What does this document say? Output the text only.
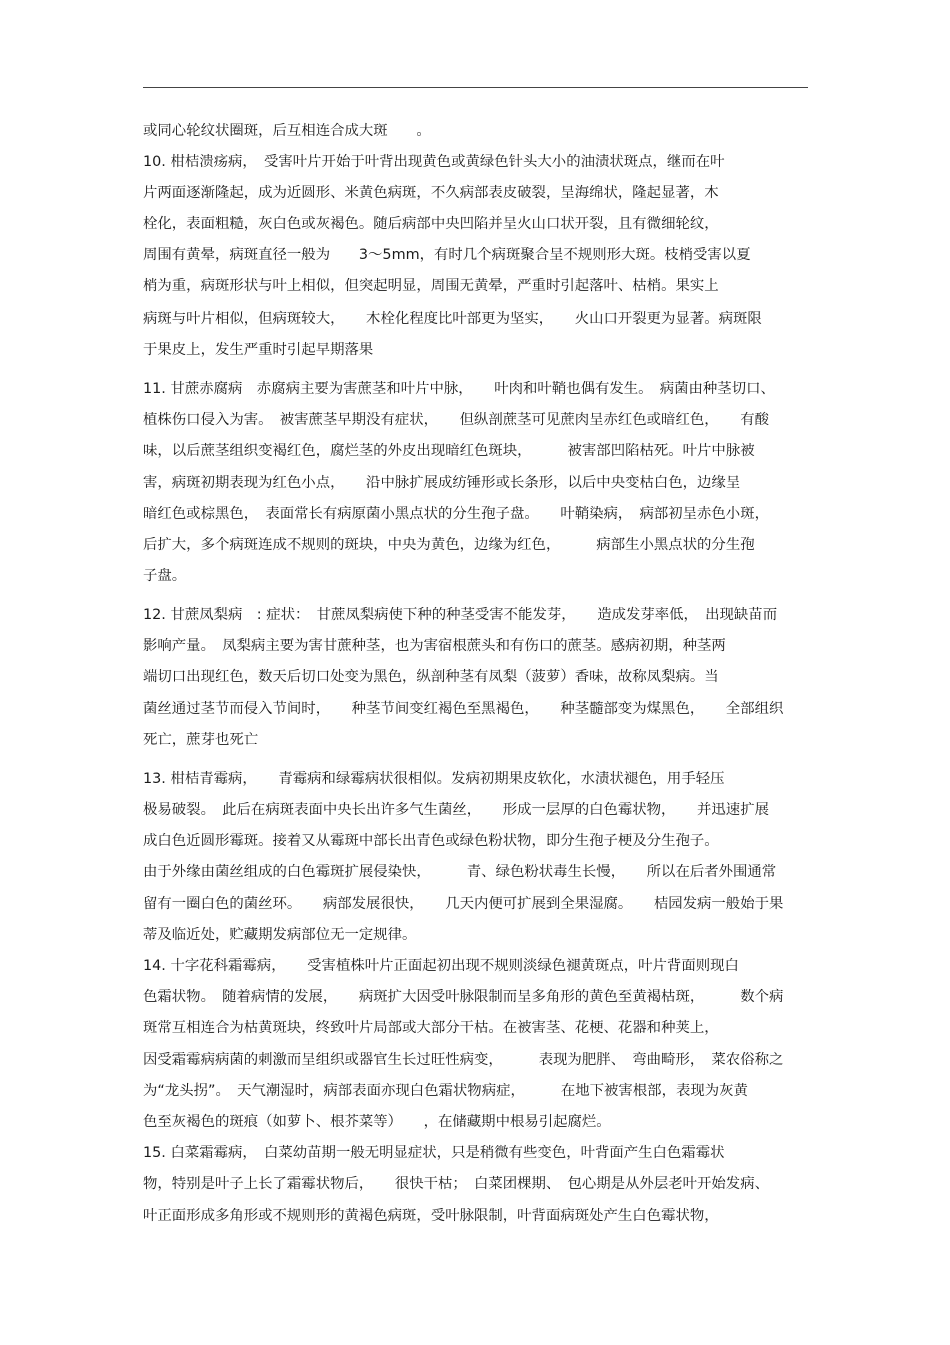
或同心轮纹状圈斑，后互相连合成大斑　　。
10. 柑桔溃疡病，　受害叶片开始于叶背出现黄色或黄绿色针头大小的油渍状斑点，继而在叶
片两面逐渐隆起，成为近圆形、米黄色病斑，不久病部表皮破裂，呈海绵状，隆起显著，木
栓化，表面粗糙，灰白色或灰褐色。随后病部中央凹陷并呈火山口状开裂，且有微细轮纹，
周围有黄晕，病斑直径一般为　　3～5mm，有时几个病斑聚合呈不规则形大斑。枝梢受害以夏
梢为重，病斑形状与叶上相似，但突起明显，周围无黄晕，严重时引起落叶、枯梢。果实上
病斑与叶片相似，但病斑较大，　　木栓化程度比叶部更为坚实，　　火山口开裂更为显著。病斑限
于果皮上，发生严重时引起早期落果
11. 甘蔗赤腐病　赤腐病主要为害蔗茎和叶片中脉，　　叶肉和叶鞘也偶有发生。　病菌由种茎切口、
植株伤口侵入为害。　被害蔗茎早期没有症状，　　但纵剖蔗茎可见蔗肉呈赤红色或暗红色，　　有酸
味，以后蔗茎组织变褐红色，腐烂茎的外皮出现暗红色斑块，　　　被害部凹陷枯死。叶片中脉被
害，病斑初期表现为红色小点，　　沿中脉扩展成纺锤形或长条形，以后中央变枯白色，边缘呈
暗红色或棕黑色，　表面常长有病原菌小黑点状的分生孢子盘。　　叶鞘染病，　病部初呈赤色小斑，
后扩大，多个病斑连成不规则的斑块，中央为黄色，边缘为红色，　　　病部生小黑点状的分生孢
子盘。
12. 甘蔗凤梨病　: 症状：　甘蔗凤梨病使下种的种茎受害不能发芽，　　造成发芽率低，　出现缺苗而
影响产量。　凤梨病主要为害甘蔗种茎，也为害宿根蔗头和有伤口的蔗茎。感病初期，种茎两
端切口出现红色，数天后切口处变为黑色，纵剖种茎有凤梨（菠萝）香味，故称凤梨病。当
菌丝通过茎节而侵入节间时，　　种茎节间变红褐色至黑褐色，　　种茎髓部变为煤黑色，　　全部组织
死亡，蔗芽也死亡
13. 柑桔青霉病，　　青霉病和绿霉病状很相似。发病初期果皮软化，水渍状褪色，用手轻压
极易破裂。　此后在病斑表面中央长出许多气生菌丝，　　形成一层厚的白色霉状物，　　并迅速扩展
成白色近圆形霉斑。接着又从霉斑中部长出青色或绿色粉状物，即分生孢子梗及分生孢子。
由于外缘由菌丝组成的白色霉斑扩展侵染快，　　　青、绿色粉状毒生长慢，　　所以在后者外围通常
留有一圈白色的菌丝环。　　病部发展很快，　　几天内便可扩展到全果湿腐。　　桔园发病一般始于果
蒂及临近处，贮藏期发病部位无一定规律。
14. 十字花科霜霉病，　　受害植株叶片正面起初出现不规则淡绿色褪黄斑点，叶片背面则现白
色霜状物。　随着病情的发展，　　病斑扩大因受叶脉限制而呈多角形的黄色至黄褐枯斑，　　　数个病
斑常互相连合为枯黄斑块，终致叶片局部或大部分干枯。在被害茎、花梗、花器和种荚上，
因受霜霉病病菌的刺激而呈组织或器官生长过旺性病变，　　　表现为肥胖、　弯曲畸形，　菜农俗称之
为“龙头拐”。　天气潮湿时，病部表面亦现白色霜状物病症，　　　在地下被害根部，表现为灰黄
色至灰褐色的斑痕（如萝卜、根芥菜等）　　，在储藏期中根易引起腐烂。
15. 白菜霜霉病，　白菜幼苗期一般无明显症状，只是稍微有些变色，叶背面产生白色霜霉状
物，特别是叶子上长了霜霉状物后，　　很快干枯；　白菜团棵期、　包心期是从外层老叶开始发病、
叶正面形成多角形或不规则形的黄褐色病斑，受叶脉限制，叶背面病斑处产生白色霉状物，
